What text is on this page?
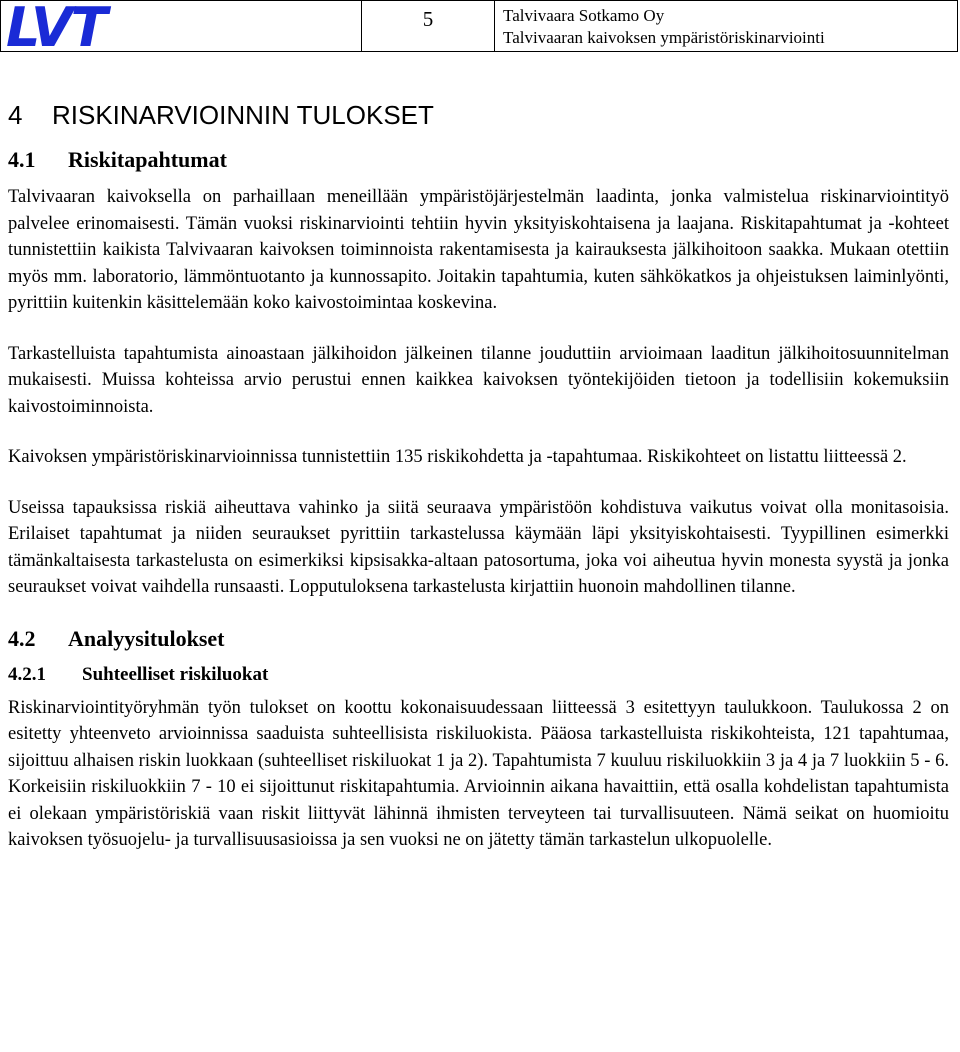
LVT	5	Talvivaara Sotkamo Oy
Talvivaaran kaivoksen ympäristöriskinarviointi
4 RISKINARVIOINNIN TULOKSET
4.1 Riskitapahtumat

Talvivaaran kaivoksella on parhaillaan meneillään ympäristöjärjestelmän laadinta, jonka valmistelua riskinarviointityö palvelee erinomaisesti. Tämän vuoksi riskinarviointi tehtiin hyvin yksityiskohtaisena ja laajana. Riskitapahtumat ja -kohteet tunnistettiin kaikista Talvivaaran kaivoksen toiminnoista rakentamisesta ja kairauksesta jälkihoitoon saakka. Mukaan otettiin myös mm. laboratorio, lämmöntuotanto ja kunnossapito. Joitakin tapahtumia, kuten sähkökatkos ja ohjeistuksen laiminlyönti, pyrittiin kuitenkin käsittelemään koko kaivostoimintaa koskevina.

Tarkastelluista tapahtumista ainoastaan jälkihoidon jälkeinen tilanne jouduttiin arvioimaan laaditun jälkihoitosuunnitelman mukaisesti. Muissa kohteissa arvio perustui ennen kaikkea kaivoksen työntekijöiden tietoon ja todellisiin kokemuksiin kaivostoiminnoista.

Kaivoksen ympäristöriskinarvioinnissa tunnistettiin 135 riskikohdetta ja -tapahtumaa. Riskikohteet on listattu liitteessä 2.

Useissa tapauksissa riskiä aiheuttava vahinko ja siitä seuraava ympäristöön kohdistuva vaikutus voivat olla monitasoisia. Erilaiset tapahtumat ja niiden seuraukset pyrittiin tarkastelussa käymään läpi yksityiskohtaisesti. Tyypillinen esimerkki tämänkaltaisesta tarkastelusta on esimerkiksi kipsisakka-altaan patosortuma, joka voi aiheutua hyvin monesta syystä ja jonka seuraukset voivat vaihdella runsaasti. Lopputuloksena tarkastelusta kirjattiin huonoin mahdollinen tilanne.

4.2 Analyysitulokset
4.2.1 Suhteelliset riskiluokat

Riskinarviointityöryhmän työn tulokset on koottu kokonaisuudessaan liitteessä 3 esitettyyn taulukkoon. Taulukossa 2 on esitetty yhteenveto arvioinnissa saaduista suhteellisista riskiluokista. Pääosa tarkastelluista riskikohteista, 121 tapahtumaa, sijoittuu alhaisen riskin luokkaan (suhteelliset riskiluokat 1 ja 2). Tapahtumista 7 kuuluu riskiluokkiin 3 ja 4 ja 7 luokkiin 5 - 6. Korkeisiin riskiluokkiin 7 - 10 ei sijoittunut riskitapahtumia. Arvioinnin aikana havaittiin, että osalla kohdelistan tapahtumista ei olekaan ympäristöriskiä vaan riskit liittyvät lähinnä ihmisten terveyteen tai turvallisuuteen. Nämä seikat on huomioitu kaivoksen työsuojelu- ja turvallisuusasioissa ja sen vuoksi ne on jätetty tämän tarkastelun ulkopuolelle.
